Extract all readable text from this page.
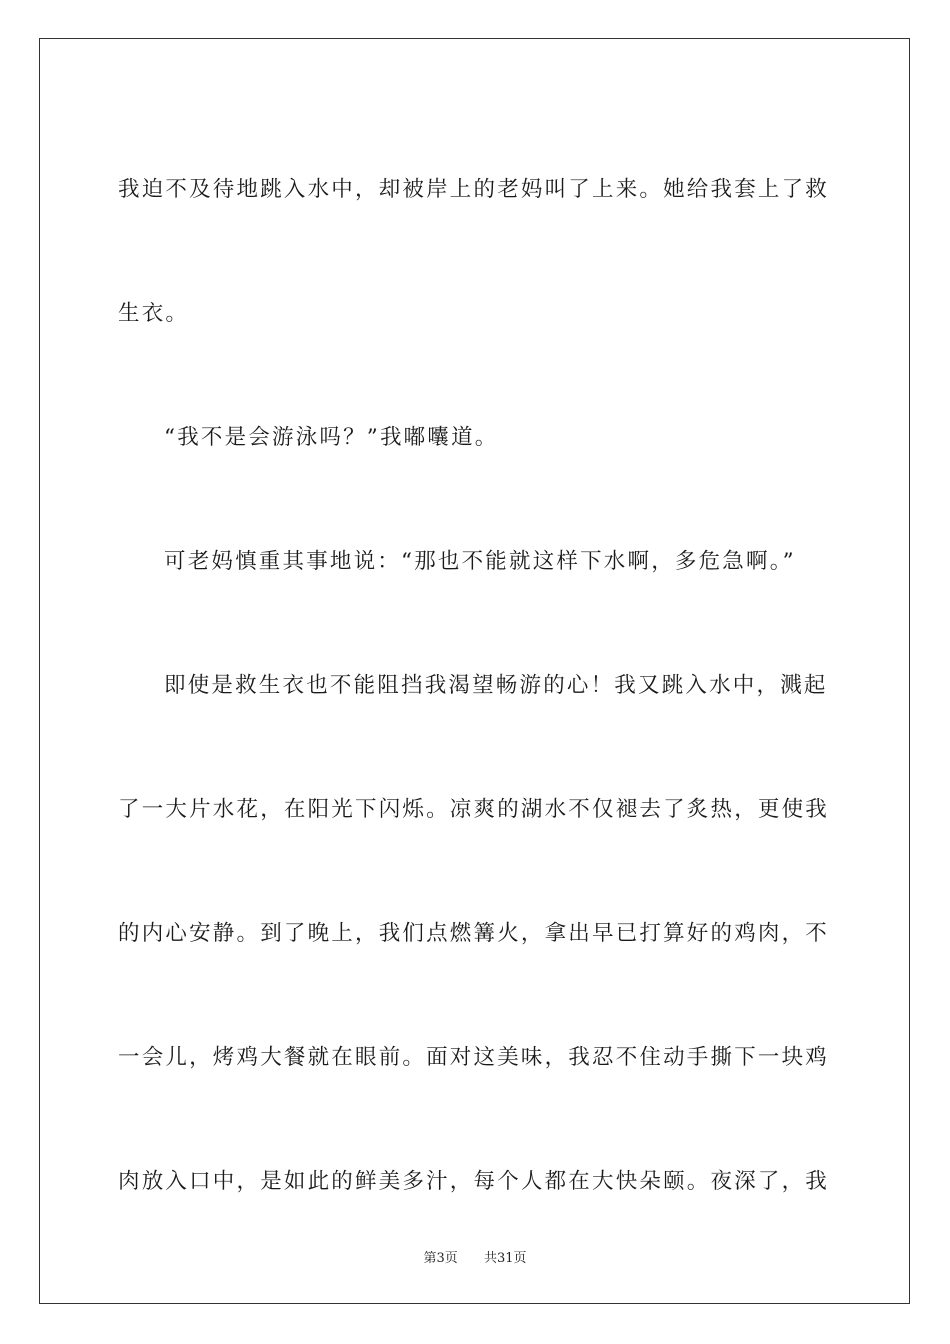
我迫不及待地跳入水中，却被岸上的老妈叫了上来。她给我套上了救
生衣。

“我不是会游泳吗？”我嘟囔道。

可老妈慎重其事地说：“那也不能就这样下水啊，多危急啊。”

即使是救生衣也不能阻挡我渴望畅游的心！我又跳入水中，溅起
了一大片水花，在阳光下闪烁。凉爽的湖水不仅褪去了炙热，更使我
的内心安静。到了晚上，我们点燃篝火，拿出早已打算好的鸡肉，不
一会儿，烤鸡大餐就在眼前。面对这美味，我忍不住动手撕下一块鸡
肉放入口中，是如此的鲜美多汁，每个人都在大快朵颐。夜深了，我

第3页 共31页
